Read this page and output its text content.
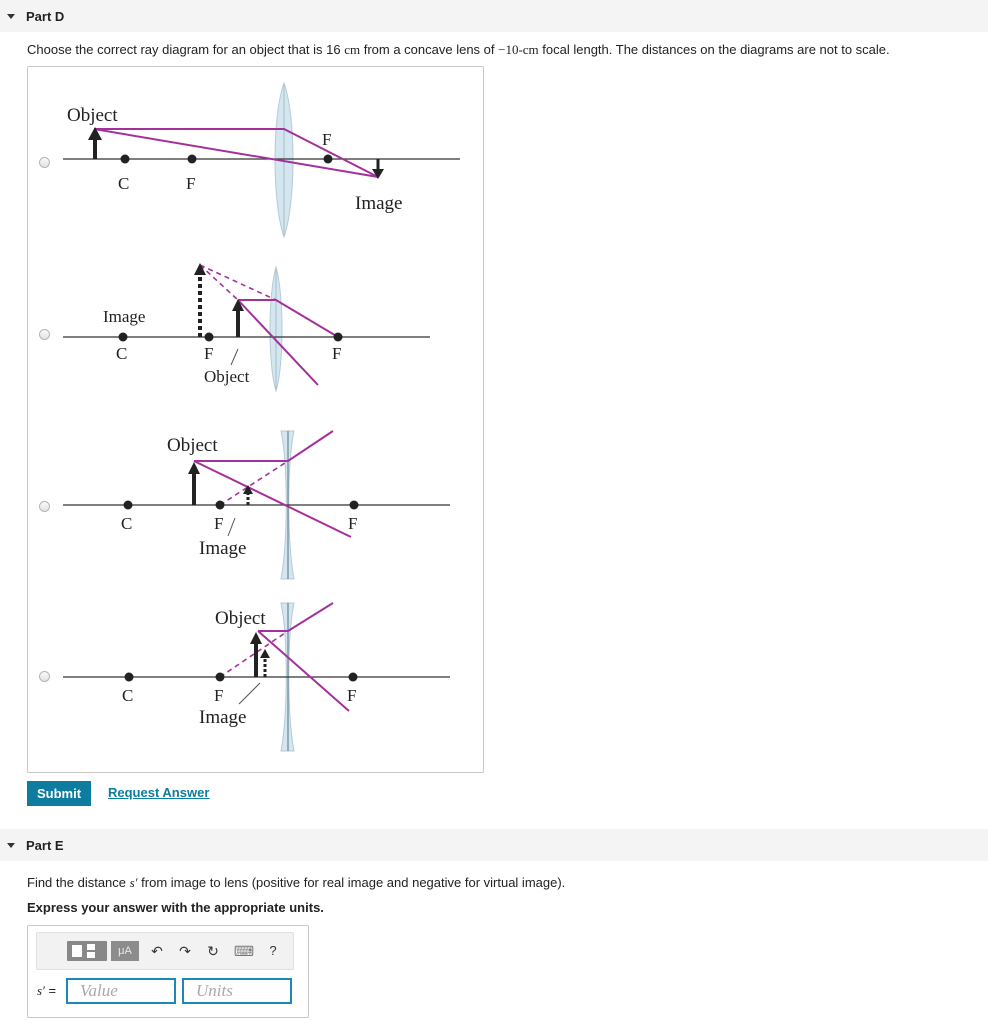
Part D
Choose the correct ray diagram for an object that is 16 cm from a concave lens of −10-cm focal length. The distances on the diagrams are not to scale.
Object
C	F
F
Image
Image
C	F	F
Object
Object
C	F	F
Image
Object
C	F	F
Image
Submit	Request Answer
Part E
Find the distance s′ from image to lens (positive for real image and negative for virtual image).
Express your answer with the appropriate units.
μA	↶ ↷ ↻ ⌨	?
s′ =
Value
Units
